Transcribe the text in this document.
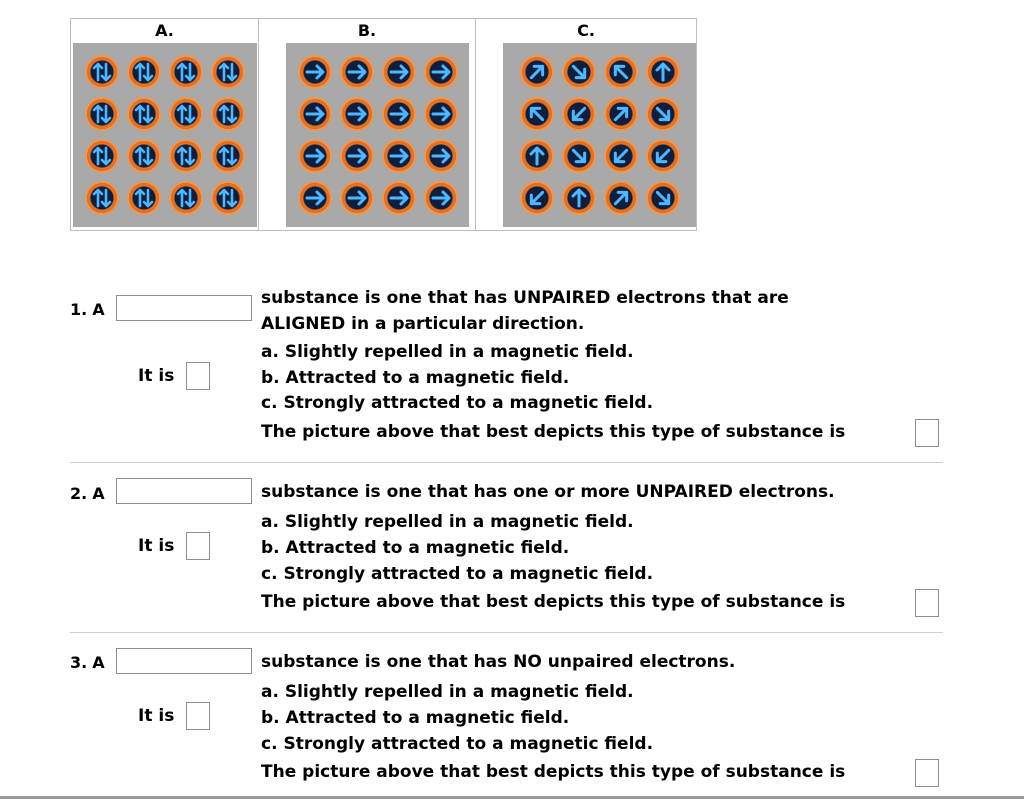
A.	B.	C.
1. A
substance is one that has UNPAIRED electrons that are
ALIGNED in a particular direction.
It is
a. Slightly repelled in a magnetic field.
b. Attracted to a magnetic field.
c. Strongly attracted to a magnetic field.
The picture above that best depicts this type of substance is
2. A	substance is one that has one or more UNPAIRED electrons.
It is
a. Slightly repelled in a magnetic field.
b. Attracted to a magnetic field.
c. Strongly attracted to a magnetic field.
The picture above that best depicts this type of substance is
3. A	substance is one that has NO unpaired electrons.
It is
a. Slightly repelled in a magnetic field.
b. Attracted to a magnetic field.
c. Strongly attracted to a magnetic field.
The picture above that best depicts this type of substance is
